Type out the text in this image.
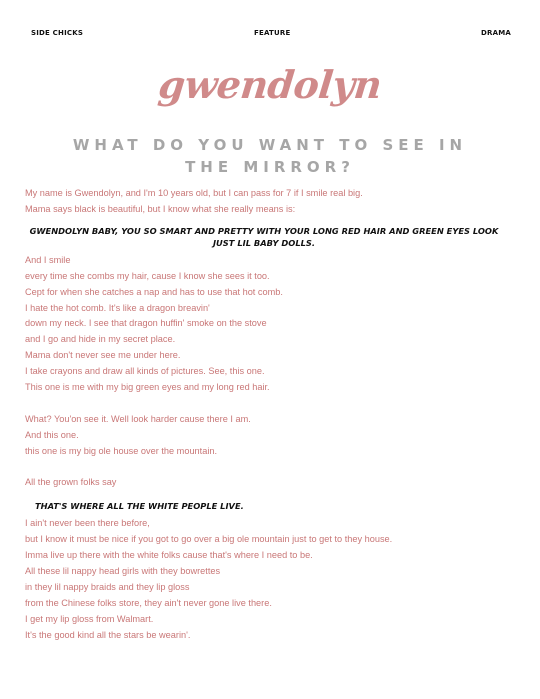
SIDE CHICKS	FEATURE	DRAMA
gwendolyn
WHAT DO YOU WANT TO SEE IN
THE MIRROR?
My name is Gwendolyn, and I'm 10 years old, but I can pass for 7 if I smile real big.
Mama says black is beautiful, but I know what she really means is:
GWENDOLYN BABY, YOU SO SMART AND PRETTY WITH YOUR LONG RED HAIR AND GREEN EYES LOOK
JUST LIL BABY DOLLS.
And I smile
every time she combs my hair, cause I know she sees it too.
Cept for when she catches a nap and has to use that hot comb.
I hate the hot comb. It's like a dragon breavin'
down my neck. I see that dragon huffin' smoke on the stove
and I go and hide in my secret place.
Mama don't never see me under here.
I take crayons and draw all kinds of pictures. See, this one.
This one is me with my big green eyes and my long red hair.
What? You'on see it. Well look harder cause there I am.
And this one.
this one is my big ole house over the mountain.
All the grown folks say
THAT'S WHERE ALL THE WHITE PEOPLE LIVE.
I ain't never been there before,
but I know it must be nice if you got to go over a big ole mountain just to get to they house.
Imma live up there with the white folks cause that's where I need to be.
All these lil nappy head girls with they bowrettes
in they lil nappy braids and they lip gloss
from the Chinese folks store, they ain't never gone live there.
I get my lip gloss from Walmart.
It's the good kind all the stars be wearin'.
